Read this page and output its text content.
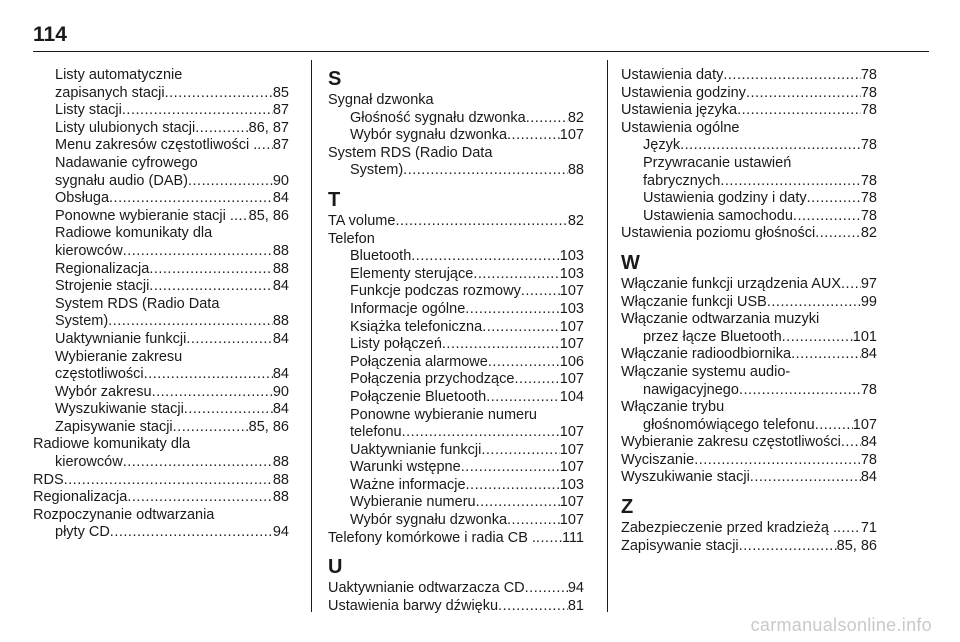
114
Listy automatycznie
zapisanych stacji .....	85
Listy stacji .....	87
Listy ulubionych stacji .....	86, 87
Menu zakresów częstotliwości . ..... 87
Nadawanie cyfrowego
sygnału audio (DAB) .....	90
Obsługa .....	84
Ponowne wybieranie stacji . ..... 85, 86
Radiowe komunikaty dla
kierowców .....	88
Regionalizacja .....	88
Strojenie stacji .....	84
System RDS (Radio Data
System) .....	88
Uaktywnianie funkcji .....	84
Wybieranie zakresu
częstotliwości .....	84
Wybór zakresu .....	90
Wyszukiwanie stacji .....	84
Zapisywanie stacji .....	85, 86
Radiowe komunikaty dla
kierowców .....	88
RDS .....	88
Regionalizacja .....	88
Rozpoczynanie odtwarzania
płyty CD .....	94
S
Sygnał dzwonka
Głośność sygnału dzwonka .....	82
Wybór sygnału dzwonka .....	107
System RDS (Radio Data
System) .....	88
T
TA volume .....	82
Telefon
Bluetooth .....	103
Elementy sterujące .....	103
Funkcje podczas rozmowy .....	107
Informacje ogólne .....	103
Książka telefoniczna .....	107
Listy połączeń .....	107
Połączenia alarmowe .....	106
Połączenia przychodzące .....	107
Połączenie Bluetooth .....	104
Ponowne wybieranie numeru
telefonu .....	107
Uaktywnianie funkcji .....	107
Warunki wstępne .....	107
Ważne informacje .....	103
Wybieranie numeru .....	107
Wybór sygnału dzwonka .....	107
Telefony komórkowe i radia CB . ..... 111
U
Uaktywnianie odtwarzacza CD .....	94
Ustawienia barwy dźwięku .....	81
Ustawienia daty .....	78
Ustawienia godziny .....	78
Ustawienia języka .....	78
Ustawienia ogólne
Język .....	78
Przywracanie ustawień
fabrycznych .....	78
Ustawienia godziny i daty .....	78
Ustawienia samochodu .....	78
Ustawienia poziomu głośności .....	82
W
Włączanie funkcji urządzenia AUX ..... 97
Włączanie funkcji USB .....	99
Włączanie odtwarzania muzyki
przez łącze Bluetooth .....	101
Włączanie radioodbiornika .....	84
Włączanie systemu audio-
nawigacyjnego .....	78
Włączanie trybu
głośnomówiącego telefonu .....	107
Wybieranie zakresu częstotliwości ..... 84
Wyciszanie .....	78
Wyszukiwanie stacji .....	84
Z
Zabezpieczenie przed kradzieżą . ..... 71
Zapisywanie stacji .....	85, 86
carmanualsonline.info
